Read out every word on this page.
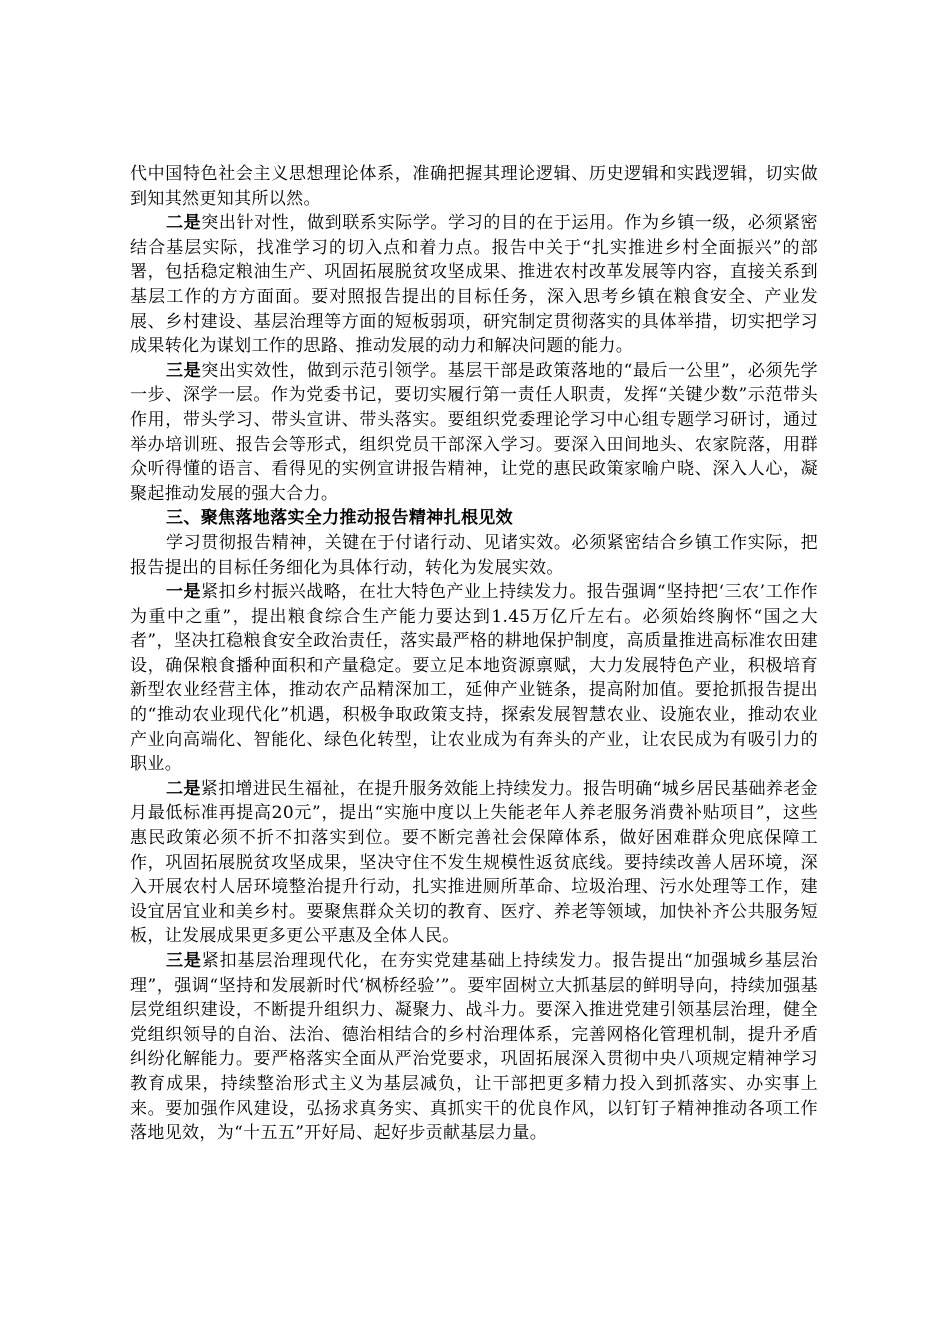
代中国特色社会主义思想理论体系，准确把握其理论逻辑、历史逻辑和实践逻辑，切实做到知其然更知其所以然。

二是突出针对性，做到联系实际学。学习的目的在于运用。作为乡镇一级，必须紧密结合基层实际，找准学习的切入点和着力点。报告中关于“扎实推进乡村全面振兴”的部署，包括稳定粮油生产、巩固拓展脱贫攻坚成果、推进农村改革发展等内容，直接关系到基层工作的方方面面。要对照报告提出的目标任务，深入思考乡镇在粮食安全、产业发展、乡村建设、基层治理等方面的短板弱项，研究制定贯彻落实的具体举措，切实把学习成果转化为谋划工作的思路、推动发展的动力和解决问题的能力。

三是突出实效性，做到示范引领学。基层干部是政策落地的“最后一公里”，必须先学一步、深学一层。作为党委书记，要切实履行第一责任人职责，发挥“关键少数”示范带头作用，带头学习、带头宣讲、带头落实。要组织党委理论学习中心组专题学习研讨，通过举办培训班、报告会等形式，组织党员干部深入学习。要深入田间地头、农家院落，用群众听得懂的语言、看得见的实例宣讲报告精神，让党的惠民政策家喻户晓、深入人心，凝聚起推动发展的强大合力。

三、聚焦落地落实全力推动报告精神扎根见效

学习贯彻报告精神，关键在于付诸行动、见诸实效。必须紧密结合乡镇工作实际，把报告提出的目标任务细化为具体行动，转化为发展实效。

一是紧扣乡村振兴战略，在壮大特色产业上持续发力。报告强调“坚持把‘三农’工作作为重中之重”，提出粮食综合生产能力要达到1.45万亿斤左右。必须始终胸怀“国之大者”，坚决扛稳粮食安全政治责任，落实最严格的耕地保护制度，高质量推进高标准农田建设，确保粮食播种面积和产量稳定。要立足本地资源禀赋，大力发展特色产业，积极培育新型农业经营主体，推动农产品精深加工，延伸产业链条，提高附加值。要抢抓报告提出的“推动农业现代化”机遇，积极争取政策支持，探索发展智慧农业、设施农业，推动农业产业向高端化、智能化、绿色化转型，让农业成为有奔头的产业，让农民成为有吸引力的职业。

二是紧扣增进民生福祉，在提升服务效能上持续发力。报告明确“城乡居民基础养老金月最低标准再提高20元”，提出“实施中度以上失能老年人养老服务消费补贴项目”，这些惠民政策必须不折不扣落实到位。要不断完善社会保障体系，做好困难群众兜底保障工作，巩固拓展脱贫攻坚成果，坚决守住不发生规模性返贫底线。要持续改善人居环境，深入开展农村人居环境整治提升行动，扎实推进厕所革命、垃圾治理、污水处理等工作，建设宜居宜业和美乡村。要聚焦群众关切的教育、医疗、养老等领域，加快补齐公共服务短板，让发展成果更多更公平惠及全体人民。

三是紧扣基层治理现代化，在夯实党建基础上持续发力。报告提出“加强城乡基层治理”，强调“坚持和发展新时代‘枫桥经验’”。要牢固树立大抓基层的鲜明导向，持续加强基层党组织建设，不断提升组织力、凝聚力、战斗力。要深入推进党建引领基层治理，健全党组织领导的自治、法治、德治相结合的乡村治理体系，完善网格化管理机制，提升矛盾纠纷化解能力。要严格落实全面从严治党要求，巩固拓展深入贯彻中央八项规定精神学习教育成果，持续整治形式主义为基层减负，让干部把更多精力投入到抓落实、办实事上来。要加强作风建设，弘扬求真务实、真抓实干的优良作风，以钉钉子精神推动各项工作落地见效，为“十五五”开好局、起好步贡献基层力量。
